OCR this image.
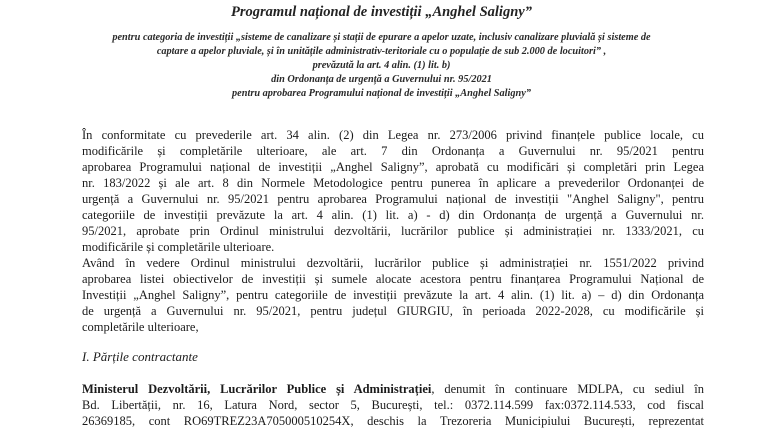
Programul național de investiții „Anghel Saligny”
pentru categoria de investiții „sisteme de canalizare și stații de epurare a apelor uzate, inclusiv canalizare pluvială și sisteme de
captare a apelor pluviale, și în unitățile administrativ-teritoriale cu o populație de sub 2.000 de locuitori” ,
prevăzută la art. 4 alin. (1) lit. b)
din Ordonanța de urgență a Guvernului nr. 95/2021
pentru aprobarea Programului național de investiții „Anghel Saligny”
În conformitate cu prevederile art. 34 alin. (2) din Legea nr. 273/2006 privind finanțele publice locale, cu
modificările și completările ulterioare, ale art. 7 din Ordonanța a Guvernului nr. 95/2021 pentru
aprobarea Programului național de investiții „Anghel Saligny”, aprobată cu modificări și completări prin Legea
nr. 183/2022 și ale art. 8 din Normele Metodologice pentru punerea în aplicare a prevederilor Ordonanței de
urgență a Guvernului nr. 95/2021 pentru aprobarea Programului național de investiții "Anghel Saligny", pentru
categoriile de investiții prevăzute la art. 4 alin. (1) lit. a) - d) din Ordonanța de urgență a Guvernului nr.
95/2021, aprobate prin Ordinul ministrului dezvoltării, lucrărilor publice și administrației nr. 1333/2021, cu
modificările și completările ulterioare.
Având în vedere Ordinul ministrului dezvoltării, lucrărilor publice și administrației nr. 1551/2022 privind
aprobarea listei obiectivelor de investiții și sumele alocate acestora pentru finanțarea Programului Național de
Investiții „Anghel Saligny”, pentru categoriile de investiții prevăzute la art. 4 alin. (1) lit. a) – d) din Ordonanța
de urgență a Guvernului nr. 95/2021, pentru județul GIURGIU, în perioada 2022-2028, cu modificările și
completările ulterioare,
I. Părțile contractante
Ministerul Dezvoltării, Lucrărilor Publice și Administrației, denumit în continuare MDLPA, cu sediul în
Bd. Libertății, nr. 16, Latura Nord, sector 5, București, tel.: 0372.114.599 fax:0372.114.533, cod fiscal
26369185, cont RO69TREZ23A705000510254X, deschis la Trezoreria Municipiului București, reprezentat
